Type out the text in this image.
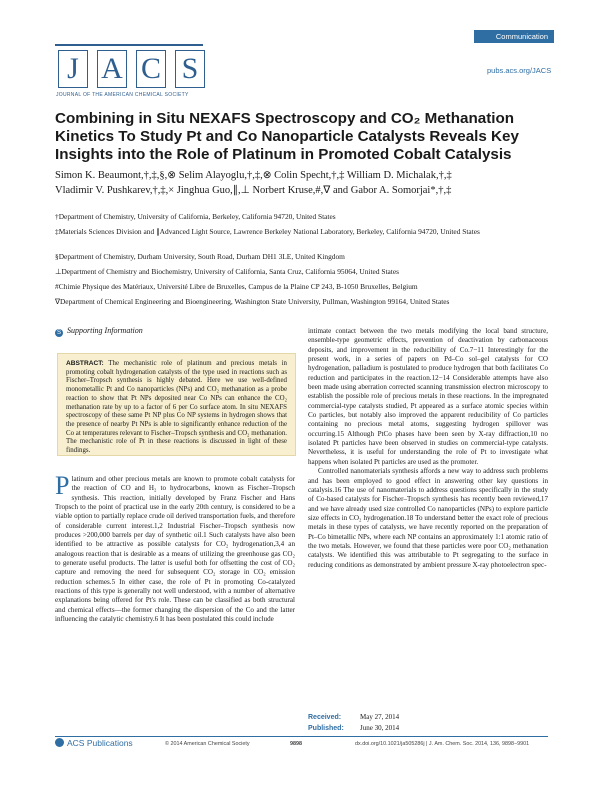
J A C S
JOURNAL OF THE AMERICAN CHEMICAL SOCIETY
Communication
pubs.acs.org/JACS
Combining in Situ NEXAFS Spectroscopy and CO₂ Methanation Kinetics To Study Pt and Co Nanoparticle Catalysts Reveals Key Insights into the Role of Platinum in Promoted Cobalt Catalysis
Simon K. Beaumont,†,‡,§,⊗ Selim Alayoglu,†,‡,⊗ Colin Specht,†,‡ William D. Michalak,†,‡
Vladimir V. Pushkarev,†,‡,× Jinghua Guo,∥,⊥ Norbert Kruse,#,∇ and Gabor A. Somorjai*,†,‡
†Department of Chemistry, University of California, Berkeley, California 94720, United States
‡Materials Sciences Division and ∥Advanced Light Source, Lawrence Berkeley National Laboratory, Berkeley, California 94720, United States
§Department of Chemistry, Durham University, South Road, Durham DH1 3LE, United Kingdom
⊥Department of Chemistry and Biochemistry, University of California, Santa Cruz, California 95064, United States
#Chimie Physique des Matériaux, Université Libre de Bruxelles, Campus de la Plaine CP 243, B-1050 Bruxelles, Belgium
∇Department of Chemical Engineering and Bioengineering, Washington State University, Pullman, Washington 99164, United States
S Supporting Information
ABSTRACT: The mechanistic role of platinum and precious metals in promoting cobalt hydrogenation catalysts of the type used in reactions such as Fischer–Tropsch synthesis is highly debated. Here we use well-defined monometallic Pt and Co nanoparticles (NPs) and CO₂ methanation as a probe reaction to show that Pt NPs deposited near Co NPs can enhance the CO₂ methanation rate by up to a factor of 6 per Co surface atom. In situ NEXAFS spectroscopy of these same Pt NP plus Co NP systems in hydrogen shows that the presence of nearby Pt NPs is able to significantly enhance reduction of the Co at temperatures relevant to Fischer–Tropsch synthesis and CO₂ methanation. The mechanistic role of Pt in these reactions is discussed in light of these findings.

Platinum and other precious metals are known to promote cobalt catalysts for the reaction of CO and H₂ to hydrocarbons, known as Fischer–Tropsch synthesis. This reaction, initially developed by Franz Fischer and Hans Tropsch to the point of practical use in the early 20th century, is considered to be a viable option to partially replace crude oil derived transportation fuels, and therefore of considerable current interest.1,2 Industrial Fischer–Tropsch synthesis now produces >200,000 barrels per day of synthetic oil.1 Such catalysts have also been identified to be attractive as possible catalysts for CO₂ hydrogenation,3,4 an analogous reaction that is desirable as a means of utilizing the greenhouse gas CO₂ to generate useful products. The latter is useful both for offsetting the cost of CO₂ capture and removing the need for subsequent CO₂ storage in CO₂ emission reduction schemes.5 In either case, the role of Pt in promoting Co-catalyzed reactions of this type is generally not well understood, with a number of alternative explanations being offered for Pt's role. These can be classified as both structural and chemical effects—the former changing the dispersion of the Co and the latter influencing the catalytic chemistry.6 It has been postulated this could include

intimate contact between the two metals modifying the local band structure, ensemble-type geometric effects, prevention of deactivation by carbonaceous deposits, and improvement in the reducibility of Co.7−11 Interestingly for the present work, in a series of papers on Pd–Co sol–gel catalysts for CO hydrogenation, palladium is postulated to produce hydrogen that both facilitates Co reduction and participates in the reaction.12−14 Considerable attempts have also been made using aberration corrected scanning transmission electron microscopy to establish the possible role of precious metals in these reactions. In the impregnated commercial-type catalysts studied, Pt appeared as a surface atomic species within Co particles, but notably also improved the apparent reducibility of Co particles containing no precious metal atoms, suggesting hydrogen spillover was occurring.15 Although PtCo phases have been seen by X-ray diffraction,10 no isolated Pt particles have been observed in studies on commercial-type catalysts. Nevertheless, it is useful for understanding the role of Pt to investigate what happens when isolated Pt particles are used as the promoter.

Controlled nanomaterials synthesis affords a new way to address such problems and has been employed to good effect in answering other key questions in catalysis.16 The use of nanomaterials to address questions specifically in the study of Co-based catalysts for Fischer–Tropsch synthesis has recently been reviewed,17 and we have already used size controlled Co nanoparticles (NPs) to explore particle size effects in CO₂ hydrogenation.18 To understand better the exact role of precious metals in these types of catalysts, we have recently reported on the preparation of Pt–Co bimetallic NPs, where each NP contains an approximately 1:1 atomic ratio of the two metals. However, we found that these particles were poor CO₂ methanation catalysts. We identified this was attributable to Pt segregating to the surface in reducing conditions as demonstrated by ambient pressure X-ray photoelectron spec-

Received:	May 27, 2014
Published: June 30, 2014
ACS Publications	© 2014 American Chemical Society	9898	dx.doi.org/10.1021/ja505286j | J. Am. Chem. Soc. 2014, 136, 9898−9901
